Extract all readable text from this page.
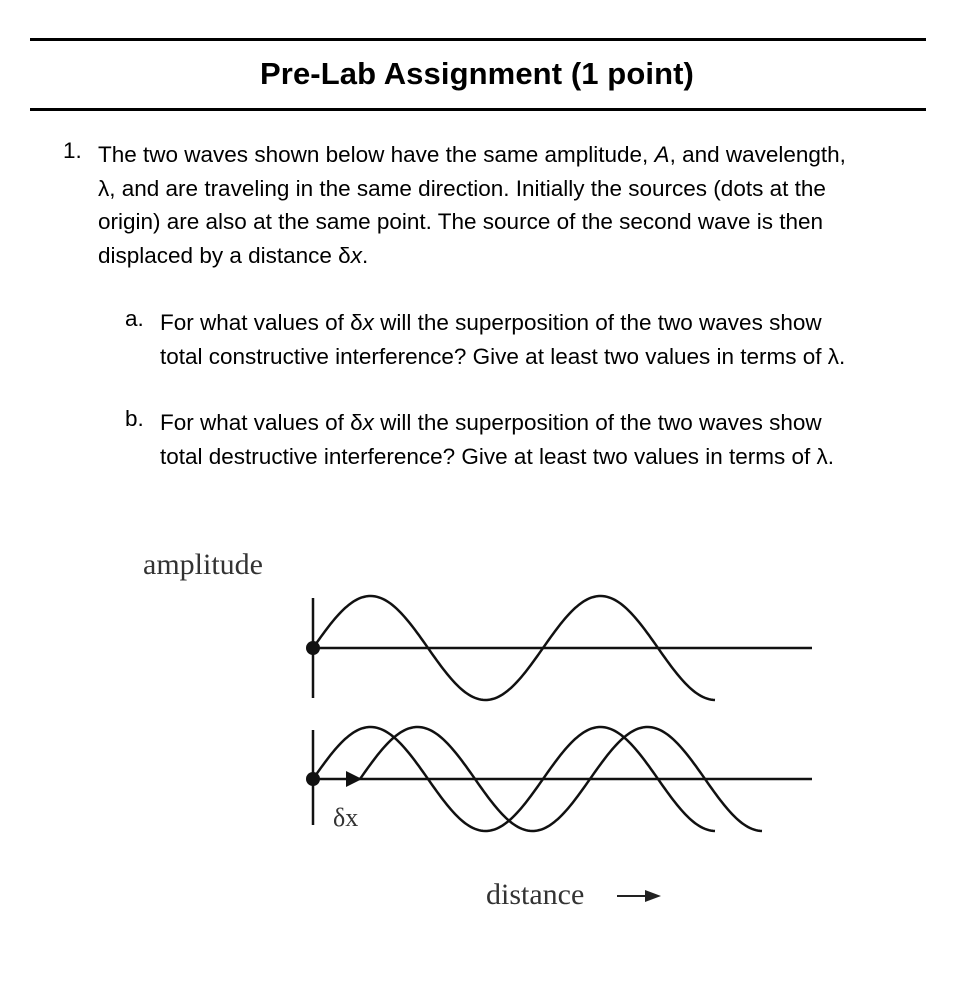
Pre-Lab Assignment (1 point)
1. The two waves shown below have the same amplitude, A, and wavelength,
λ, and are traveling in the same direction. Initially the sources (dots at the
origin) are also at the same point. The source of the second wave is then
displaced by a distance δx.
a. For what values of δx will the superposition of the two waves show
total constructive interference? Give at least two values in terms of λ.
b. For what values of δx will the superposition of the two waves show
total destructive interference? Give at least two values in terms of λ.
amplitude
δx
distance
